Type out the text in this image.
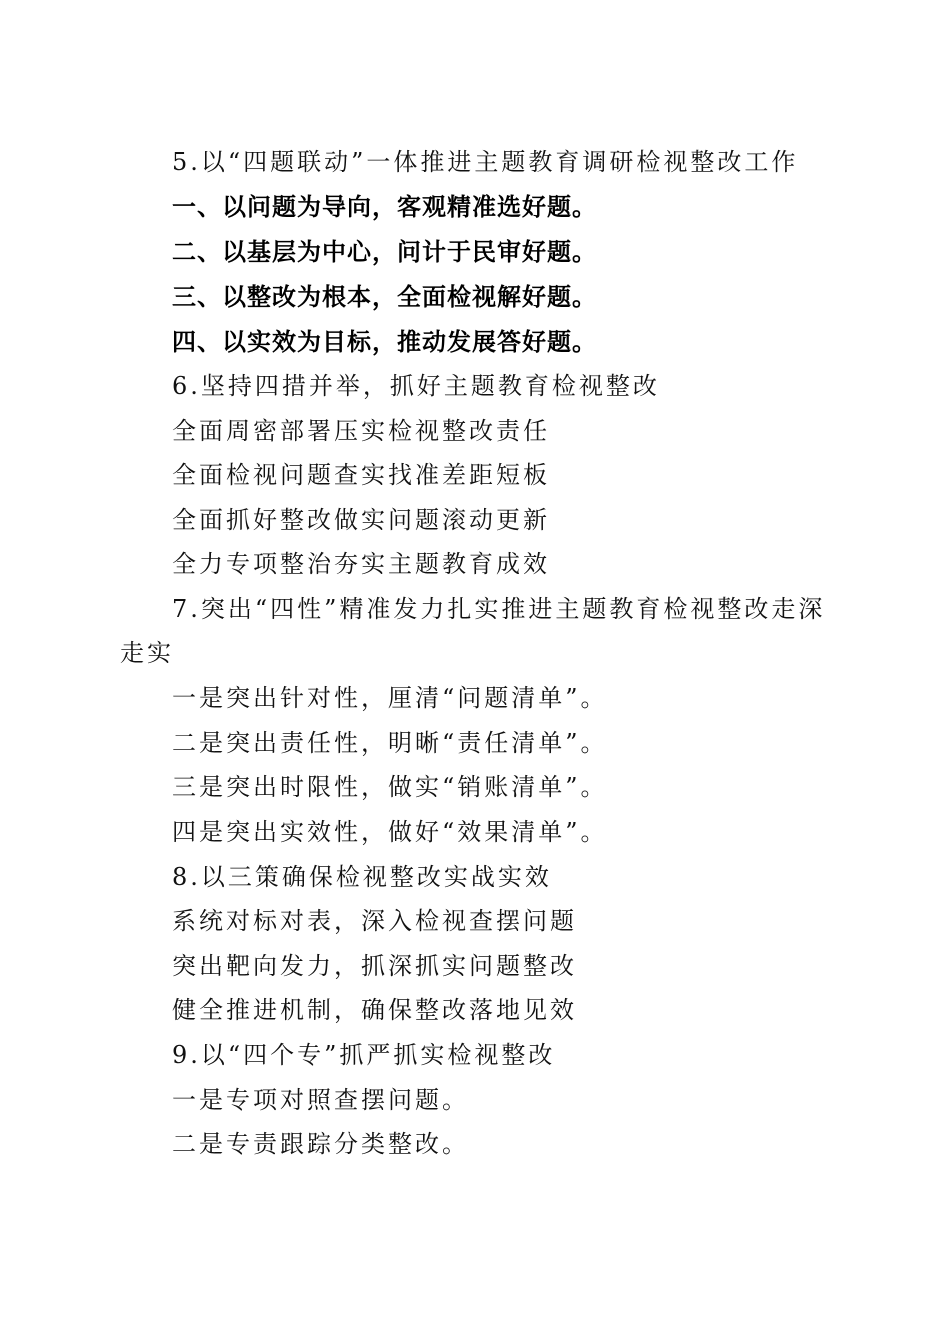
5.以“四题联动”一体推进主题教育调研检视整改工作
一、以问题为导向，客观精准选好题。
二、以基层为中心，问计于民审好题。
三、以整改为根本，全面检视解好题。
四、以实效为目标，推动发展答好题。
6.坚持四措并举，抓好主题教育检视整改
全面周密部署压实检视整改责任
全面检视问题查实找准差距短板
全面抓好整改做实问题滚动更新
全力专项整治夯实主题教育成效
7.突出“四性”精准发力扎实推进主题教育检视整改走深
走实
一是突出针对性，厘清“问题清单”。
二是突出责任性，明晰“责任清单”。
三是突出时限性，做实“销账清单”。
四是突出实效性，做好“效果清单”。
8.以三策确保检视整改实战实效
系统对标对表，深入检视查摆问题
突出靶向发力，抓深抓实问题整改
健全推进机制，确保整改落地见效
9.以“四个专”抓严抓实检视整改
一是专项对照查摆问题。
二是专责跟踪分类整改。
